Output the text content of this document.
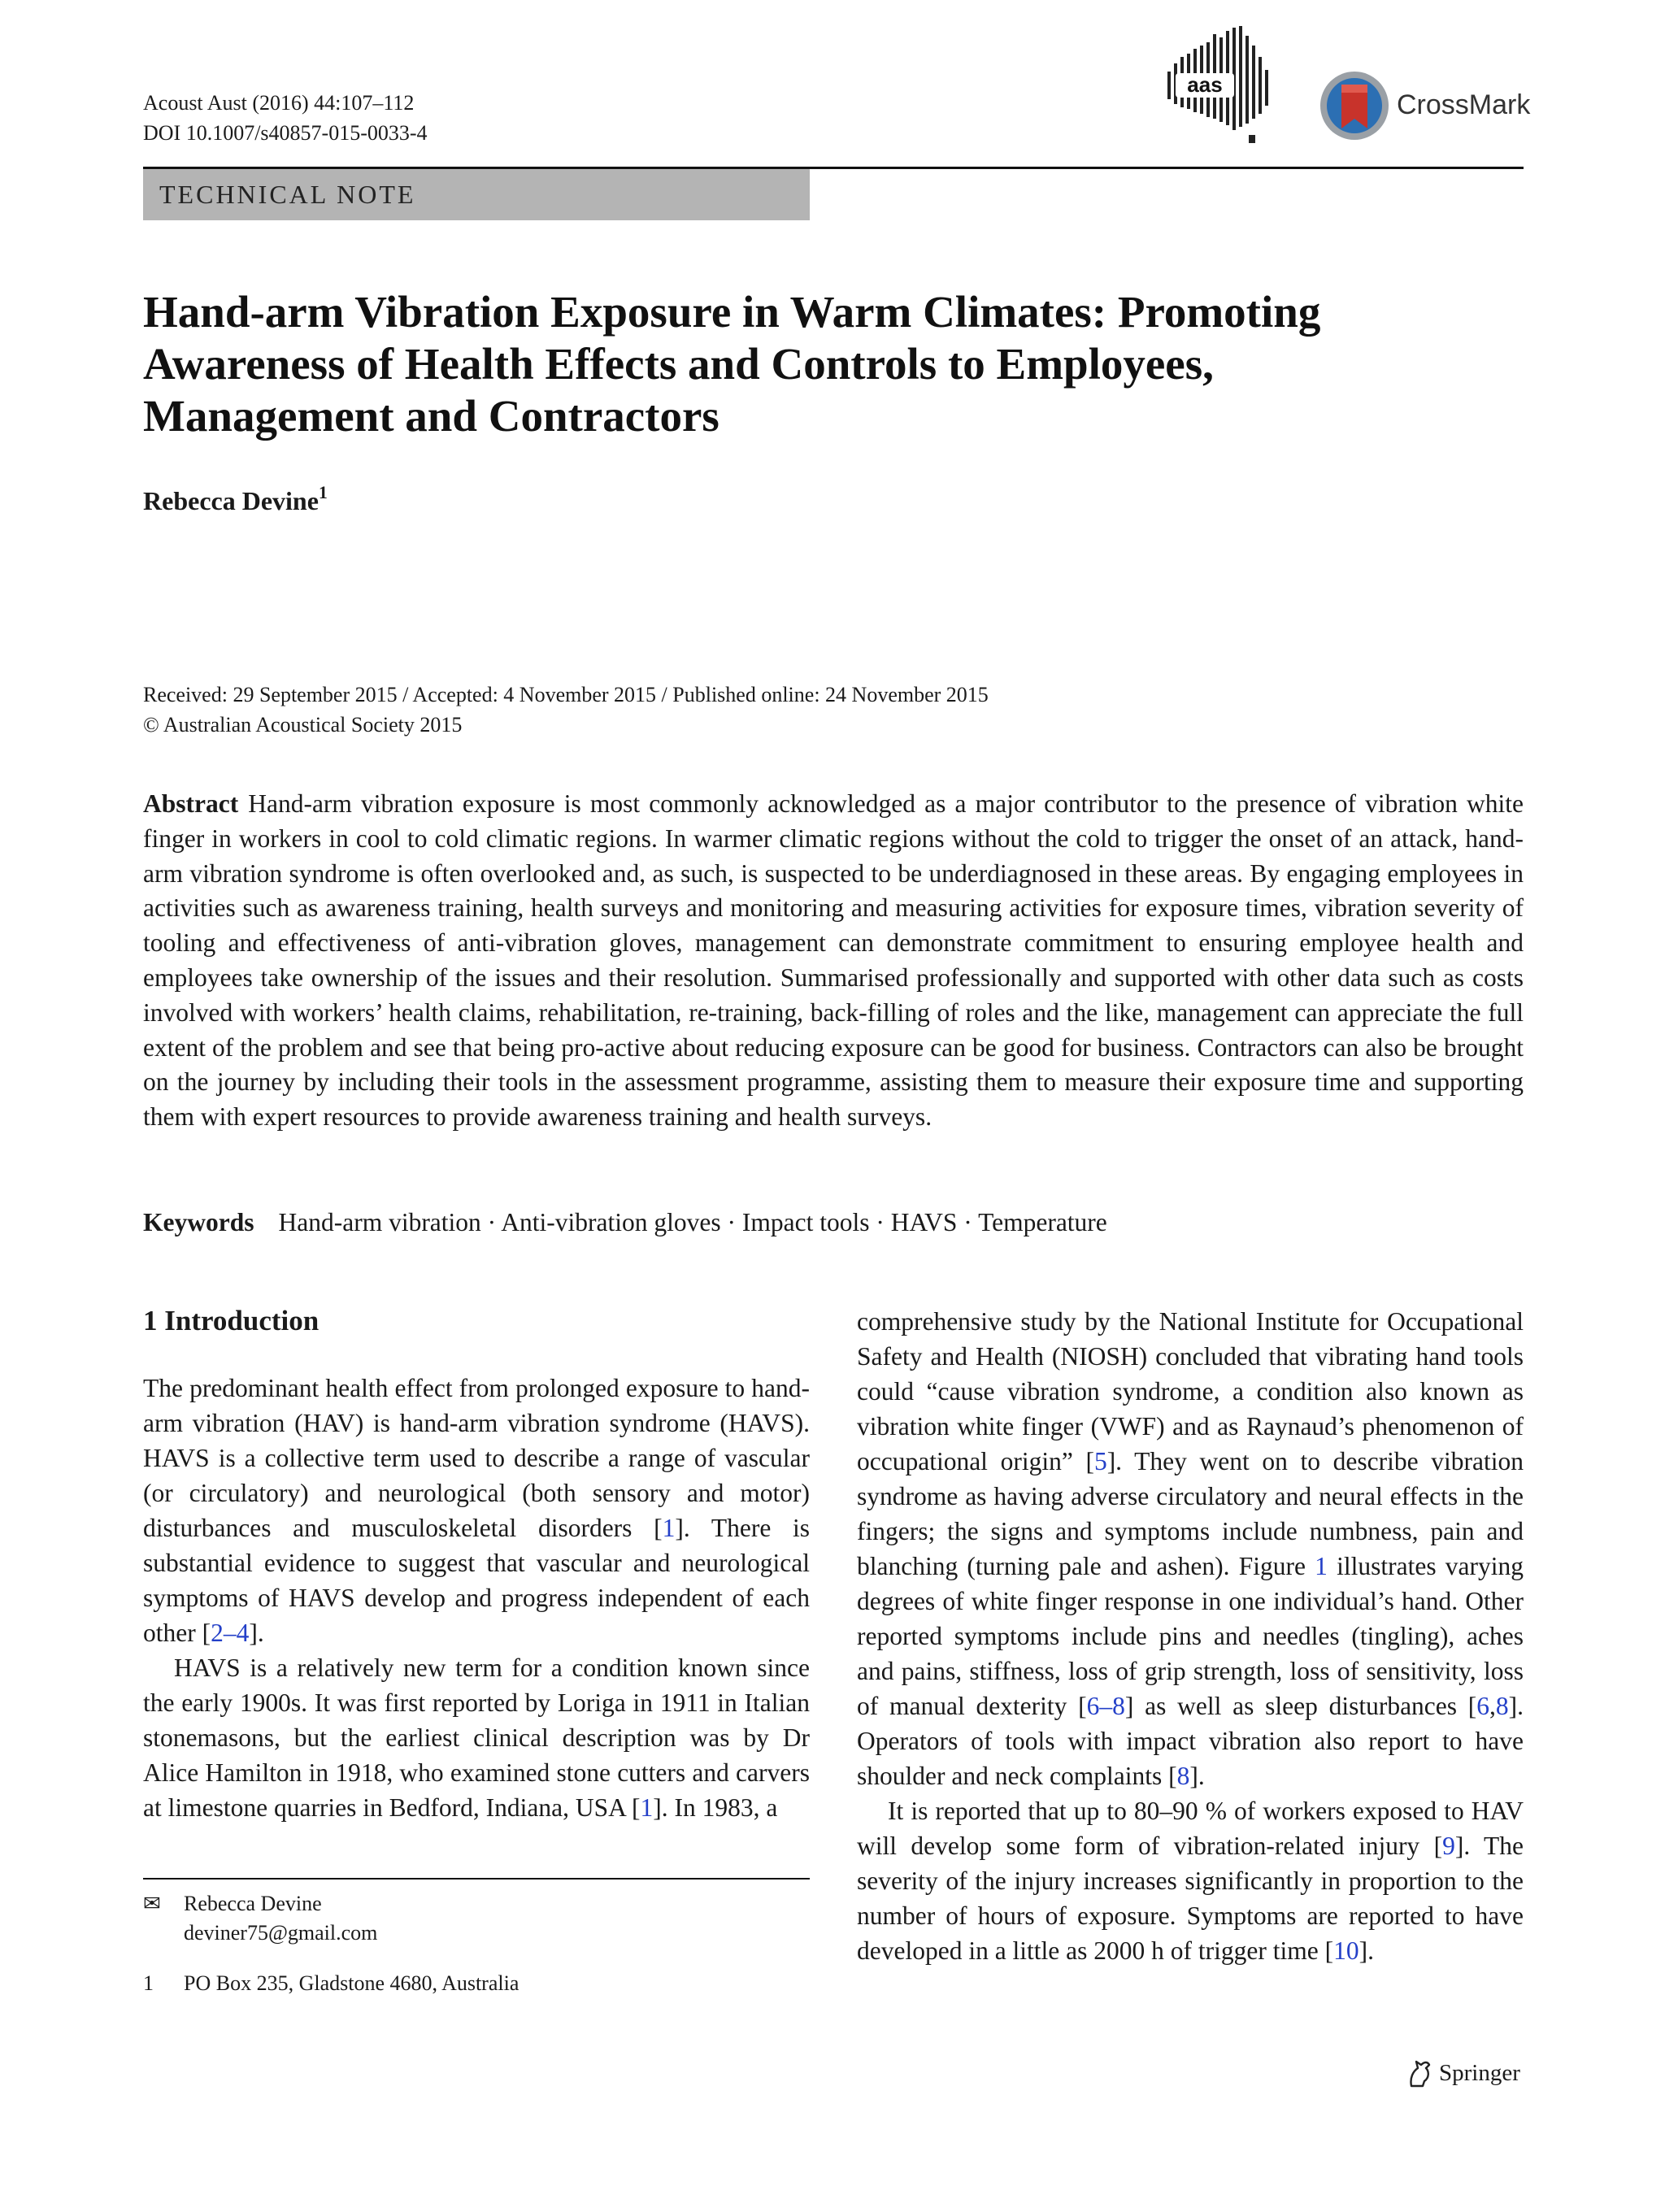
Acoust Aust (2016) 44:107–112
DOI 10.1007/s40857-015-0033-4
aas
CrossMark
TECHNICAL NOTE
Hand-arm Vibration Exposure in Warm Climates: Promoting
Awareness of Health Effects and Controls to Employees,
Management and Contractors
Rebecca Devine$^1$
Received: 29 September 2015 / Accepted: 4 November 2015 / Published online: 24 November 2015
© Australian Acoustical Society 2015

Abstract Hand-arm vibration exposure is most commonly acknowledged as a major contributor to the presence of vibration white finger in workers in cool to cold climatic regions. In warmer climatic regions without the cold to trigger the onset of an attack, hand-arm vibration syndrome is often overlooked and, as such, is suspected to be underdiagnosed in these areas. By engaging employees in activities such as awareness training, health surveys and monitoring and measuring activities for exposure times, vibration severity of tooling and effectiveness of anti-vibration gloves, management can demonstrate commitment to ensuring employee health and employees take ownership of the issues and their resolution. Summarised professionally and supported with other data such as costs involved with workers’ health claims, rehabilitation, re-training, back-filling of roles and the like, management can appreciate the full extent of the problem and see that being pro-active about reducing exposure can be good for business. Contractors can also be brought on the journey by including their tools in the assessment programme, assisting them to measure their exposure time and supporting them with expert resources to provide awareness training and health surveys.

Keywords Hand-arm vibration · Anti-vibration gloves · Impact tools · HAVS · Temperature
1 Introduction

The predominant health effect from prolonged exposure to hand-arm vibration (HAV) is hand-arm vibration syndrome (HAVS). HAVS is a collective term used to describe a range of vascular (or circulatory) and neurological (both sensory and motor) disturbances and musculoskeletal disorders [1]. There is substantial evidence to suggest that vascular and neurological symptoms of HAVS develop and progress independent of each other [2–4].

HAVS is a relatively new term for a condition known since the early 1900s. It was first reported by Loriga in 1911 in Italian stonemasons, but the earliest clinical description was by Dr Alice Hamilton in 1918, who examined stone cutters and carvers at limestone quarries in Bedford, Indiana, USA [1]. In 1983, a

comprehensive study by the National Institute for Occupational Safety and Health (NIOSH) concluded that vibrating hand tools could “cause vibration syndrome, a condition also known as vibration white finger (VWF) and as Raynaud’s phenomenon of occupational origin” [5]. They went on to describe vibration syndrome as having adverse circulatory and neural effects in the fingers; the signs and symptoms include numbness, pain and blanching (turning pale and ashen). Figure 1 illustrates varying degrees of white finger response in one individual’s hand. Other reported symptoms include pins and needles (tingling), aches and pains, stiffness, loss of grip strength, loss of sensitivity, loss of manual dexterity [6–8] as well as sleep disturbances [6,8]. Operators of tools with impact vibration also report to have shoulder and neck complaints [8].

It is reported that up to 80–90 % of workers exposed to HAV will develop some form of vibration-related injury [9]. The severity of the injury increases significantly in proportion to the number of hours of exposure. Symptoms are reported to have developed in a little as 2000 h of trigger time [10].

✉ Rebecca Devine
deviner75@gmail.com
1 PO Box 235, Gladstone 4680, Australia
Springer
